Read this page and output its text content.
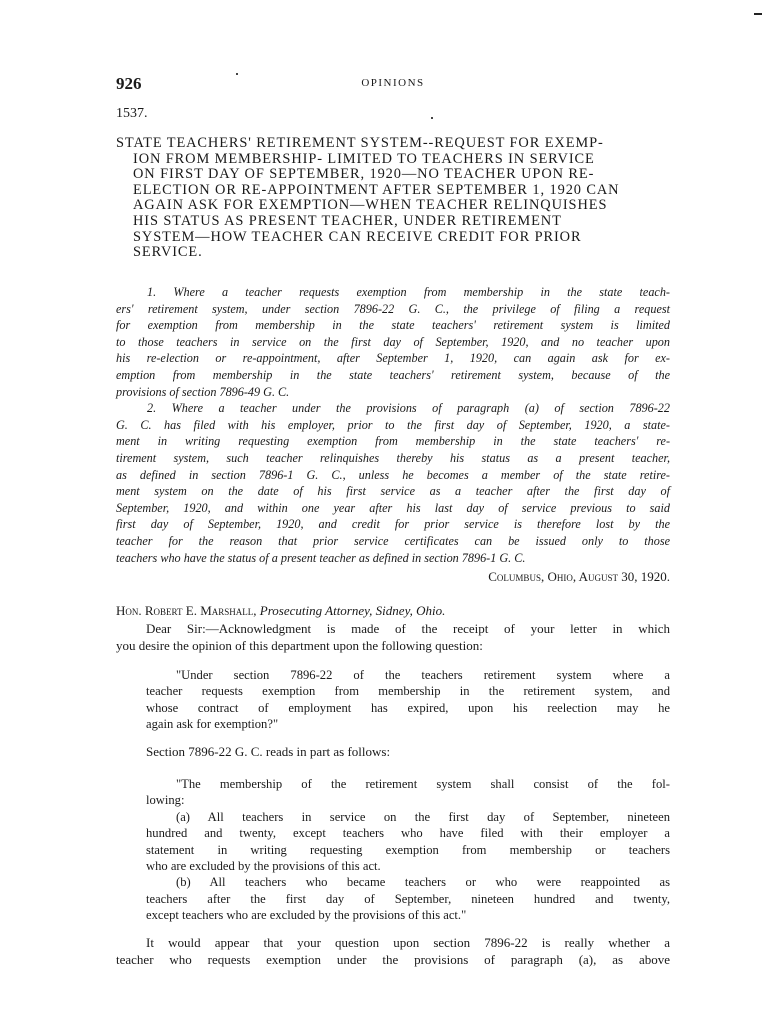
926	OPINIONS
1537.
STATE TEACHERS' RETIREMENT SYSTEM--REQUEST FOR EXEMP-
ION FROM MEMBERSHIP- LIMITED TO TEACHERS IN SERVICE
ON FIRST DAY OF SEPTEMBER, 1920—NO TEACHER UPON RE-
ELECTION OR RE-APPOINTMENT AFTER SEPTEMBER 1, 1920 CAN
AGAIN ASK FOR EXEMPTION—WHEN TEACHER RELINQUISHES
HIS STATUS AS PRESENT TEACHER, UNDER RETIREMENT
SYSTEM—HOW TEACHER CAN RECEIVE CREDIT FOR PRIOR
SERVICE.
1. Where a teacher requests exemption from membership in the state teach-
ers' retirement system, under section 7896-22 G. C., the privilege of filing a request
for exemption from membership in the state teachers' retirement system is limited
to those teachers in service on the first day of September, 1920, and no teacher upon
his re-election or re-appointment, after September 1, 1920, can again ask for ex-
emption from membership in the state teachers' retirement system, because of the
provisions of section 7896-49 G. C.
2. Where a teacher under the provisions of paragraph (a) of section 7896-22
G. C. has filed with his employer, prior to the first day of September, 1920, a state-
ment in writing requesting exemption from membership in the state teachers' re-
tirement system, such teacher relinquishes thereby his status as a present teacher,
as defined in section 7896-1 G. C., unless he becomes a member of the state retire-
ment system on the date of his first service as a teacher after the first day of
September, 1920, and within one year after his last day of service previous to said
first day of September, 1920, and credit for prior service is therefore lost by the
teacher for the reason that prior service certificates can be issued only to those
teachers who have the status of a present teacher as defined in section 7896-1 G. C.
Columbus, Ohio, August 30, 1920.
Hon. Robert E. Marshall, Prosecuting Attorney, Sidney, Ohio.
Dear Sir:—Acknowledgment is made of the receipt of your letter in which
you desire the opinion of this department upon the following question:
"Under section 7896-22 of the teachers retirement system where a
teacher requests exemption from membership in the retirement system, and
whose contract of employment has expired, upon his reelection may he
again ask for exemption?"
Section 7896-22 G. C. reads in part as follows:
"The membership of the retirement system shall consist of the fol-
lowing:
(a) All teachers in service on the first day of September, nineteen
hundred and twenty, except teachers who have filed with their employer a
statement in writing requesting exemption from membership or teachers
who are excluded by the provisions of this act.
(b) All teachers who became teachers or who were reappointed as
teachers after the first day of September, nineteen hundred and twenty,
except teachers who are excluded by the provisions of this act."
It would appear that your question upon section 7896-22 is really whether a
teacher who requests exemption under the provisions of paragraph (a), as above
